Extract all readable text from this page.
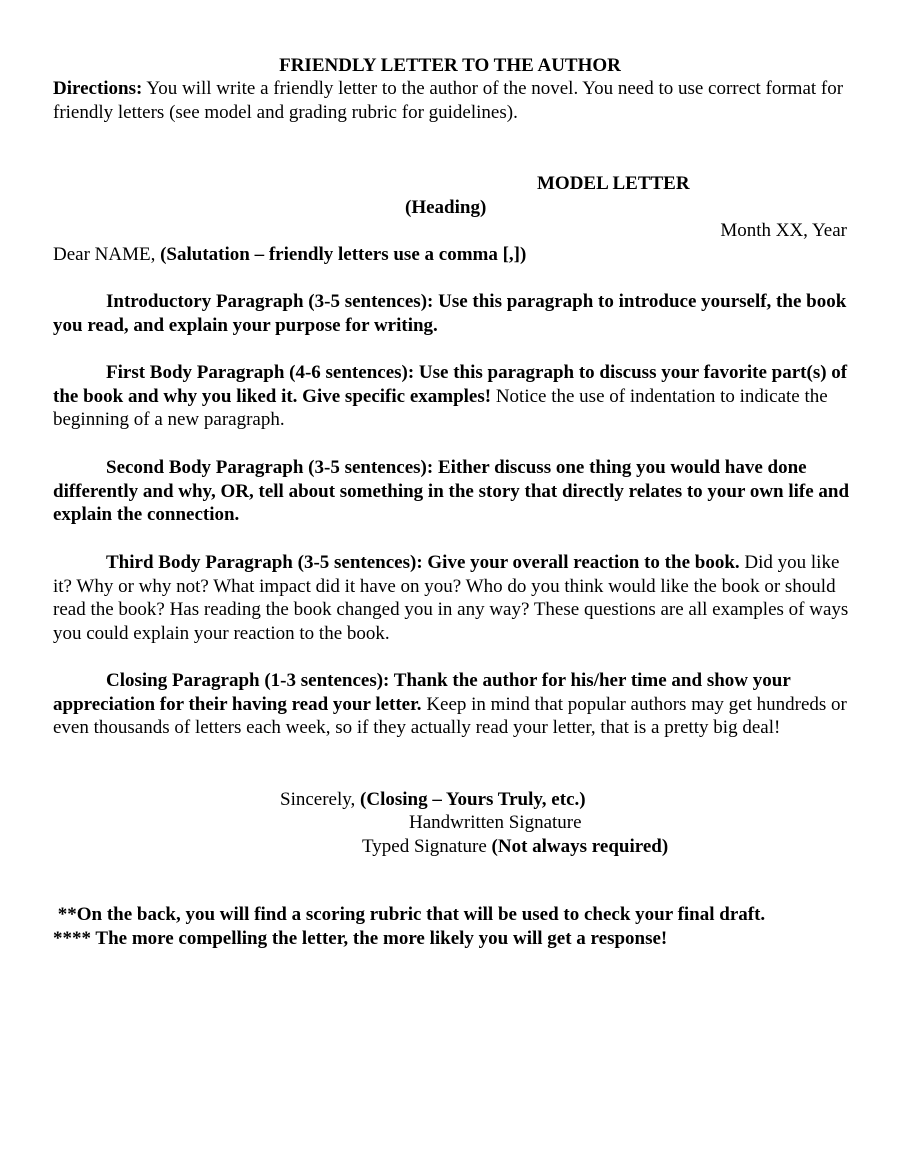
FRIENDLY LETTER TO THE AUTHOR

Directions: You will write a friendly letter to the author of the novel. You need to use correct format for friendly letters (see model and grading rubric for guidelines).

MODEL LETTER

(Heading)

Month XX, Year

Dear NAME, (Salutation – friendly letters use a comma [,])

Introductory Paragraph (3-5 sentences): Use this paragraph to introduce yourself, the book you read, and explain your purpose for writing.

First Body Paragraph (4-6 sentences): Use this paragraph to discuss your favorite part(s) of the book and why you liked it. Give specific examples! Notice the use of indentation to indicate the beginning of a new paragraph.

Second Body Paragraph (3-5 sentences): Either discuss one thing you would have done differently and why, OR, tell about something in the story that directly relates to your own life and explain the connection.

Third Body Paragraph (3-5 sentences): Give your overall reaction to the book. Did you like it? Why or why not? What impact did it have on you? Who do you think would like the book or should read the book? Has reading the book changed you in any way? These questions are all examples of ways you could explain your reaction to the book.

Closing Paragraph (1-3 sentences): Thank the author for his/her time and show your appreciation for their having read your letter. Keep in mind that popular authors may get hundreds or even thousands of letters each week, so if they actually read your letter, that is a pretty big deal!

Sincerely, (Closing – Yours Truly, etc.)

Handwritten Signature

Typed Signature (Not always required)

**On the back, you will find a scoring rubric that will be used to check your final draft.
**** The more compelling the letter, the more likely you will get a response!
